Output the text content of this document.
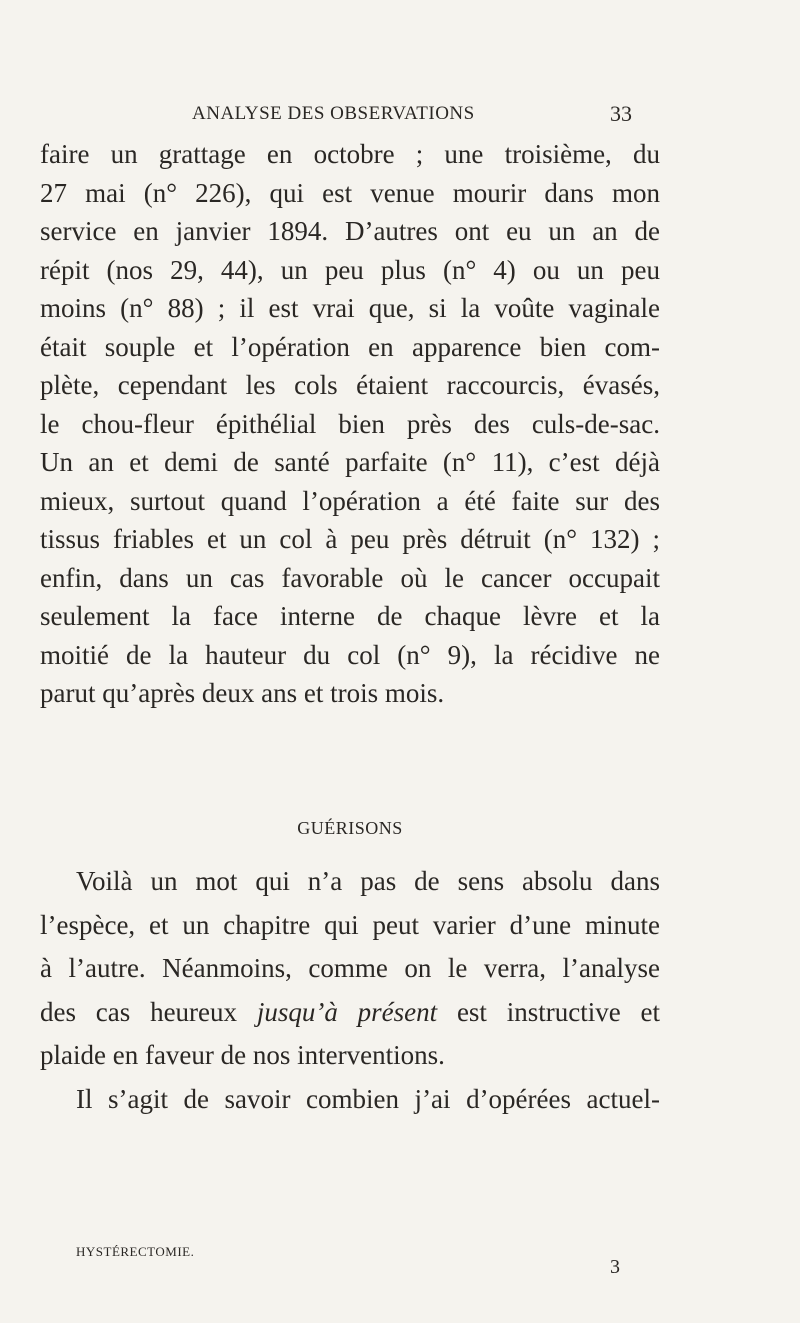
ANALYSE DES OBSERVATIONS	33
faire un grattage en octobre ; une troisième, du
27 mai (n° 226), qui est venue mourir dans mon
service en janvier 1894. D’autres ont eu un an de
répit (nos 29, 44), un peu plus (n° 4) ou un peu
moins (n° 88) ; il est vrai que, si la voûte vaginale
était souple et l’opération en apparence bien com-
plète, cependant les cols étaient raccourcis, évasés,
le chou-fleur épithélial bien près des culs-de-sac.
Un an et demi de santé parfaite (n° 11), c’est déjà
mieux, surtout quand l’opération a été faite sur des
tissus friables et un col à peu près détruit (n° 132) ;
enfin, dans un cas favorable où le cancer occupait
seulement la face interne de chaque lèvre et la
moitié de la hauteur du col (n° 9), la récidive ne
parut qu’après deux ans et trois mois.
GUÉRISONS
Voilà un mot qui n’a pas de sens absolu dans
l’espèce, et un chapitre qui peut varier d’une minute
à l’autre. Néanmoins, comme on le verra, l’analyse
des cas heureux jusqu’à présent est instructive et
plaide en faveur de nos interventions.
Il s’agit de savoir combien j’ai d’opérées actuel-
HYSTÉRECTOMIE.
3
